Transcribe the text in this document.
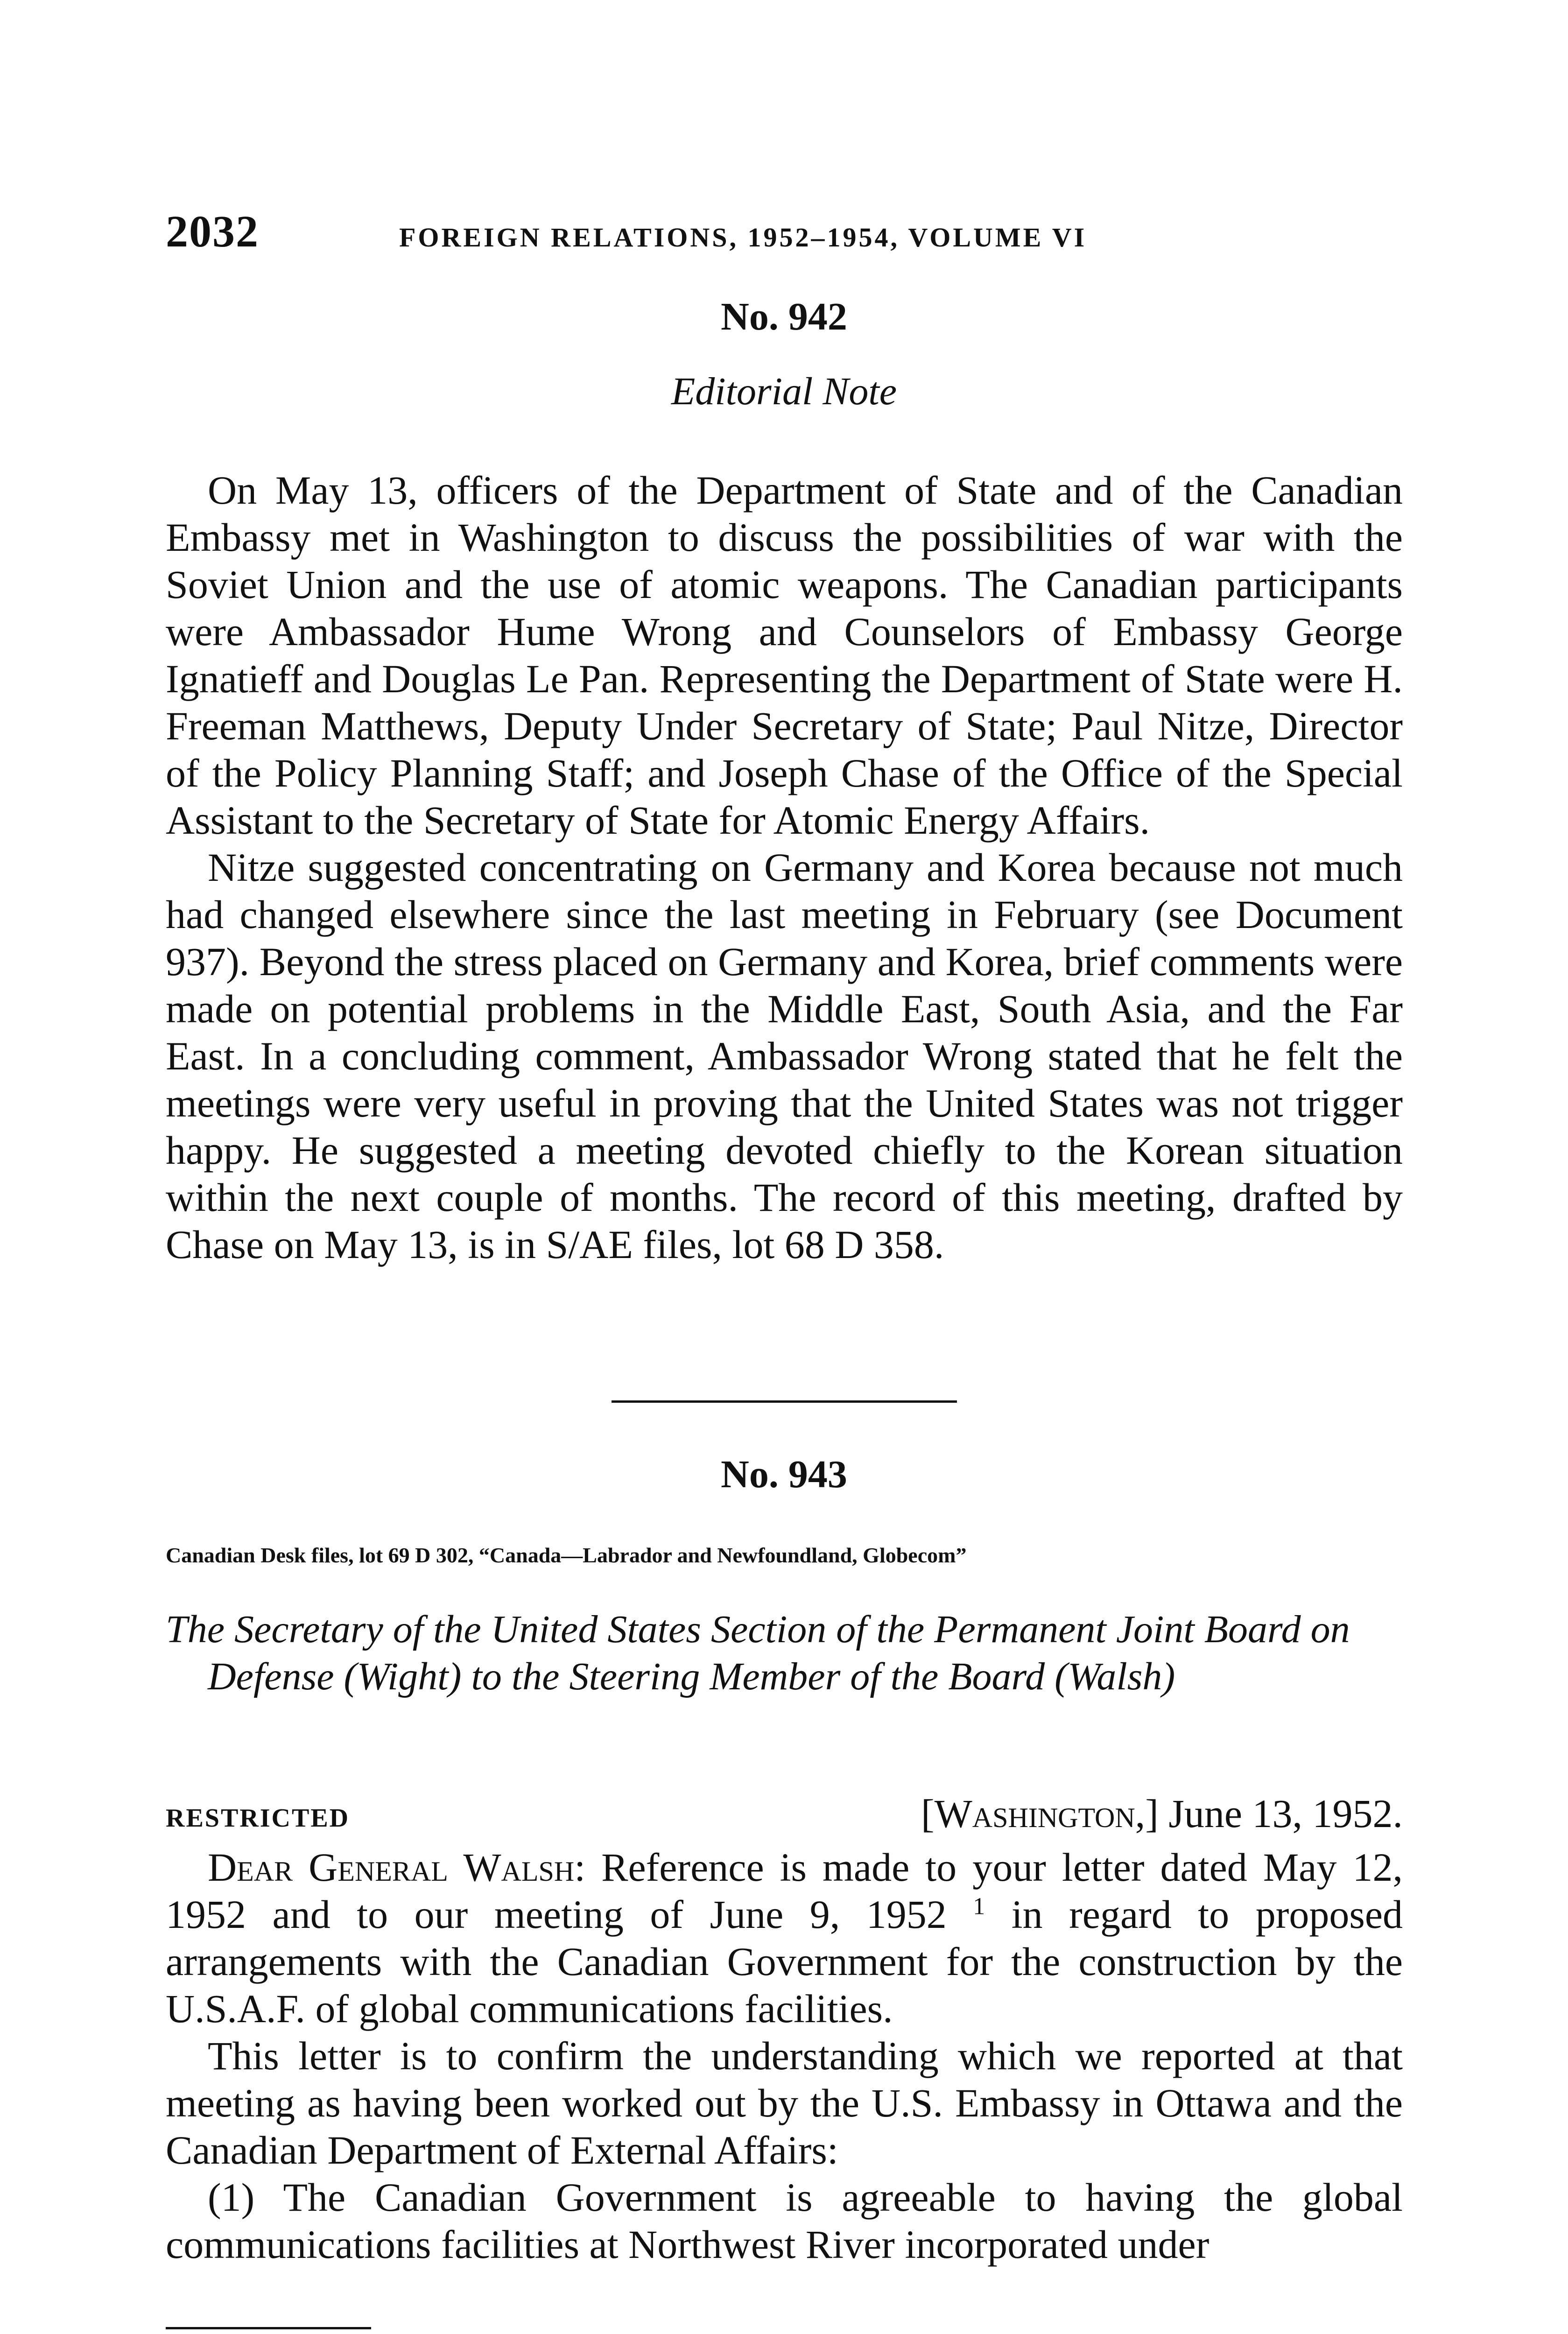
2032	FOREIGN RELATIONS, 1952–1954, VOLUME VI
No. 942
Editorial Note

On May 13, officers of the Department of State and of the Canadian Embassy met in Washington to discuss the possibilities of war with the Soviet Union and the use of atomic weapons. The Canadian participants were Ambassador Hume Wrong and Counselors of Embassy George Ignatieff and Douglas Le Pan. Representing the Department of State were H. Freeman Matthews, Deputy Under Secretary of State; Paul Nitze, Director of the Policy Planning Staff; and Joseph Chase of the Office of the Special Assistant to the Secretary of State for Atomic Energy Affairs.

Nitze suggested concentrating on Germany and Korea because not much had changed elsewhere since the last meeting in February (see Document 937). Beyond the stress placed on Germany and Korea, brief comments were made on potential problems in the Middle East, South Asia, and the Far East. In a concluding comment, Ambassador Wrong stated that he felt the meetings were very useful in proving that the United States was not trigger happy. He suggested a meeting devoted chiefly to the Korean situation within the next couple of months. The record of this meeting, drafted by Chase on May 13, is in S/AE files, lot 68 D 358.

No. 943
Canadian Desk files, lot 69 D 302, “Canada—Labrador and Newfoundland, Globecom”
The Secretary of the United States Section of the Permanent Joint Board on Defense (Wight) to the Steering Member of the Board (Walsh)
RESTRICTED	[Washington,] June 13, 1952.

Dear General Walsh: Reference is made to your letter dated May 12, 1952 and to our meeting of June 9, 1952 $^1$ in regard to proposed arrangements with the Canadian Government for the construction by the U.S.A.F. of global communications facilities.

This letter is to confirm the understanding which we reported at that meeting as having been worked out by the U.S. Embassy in Ottawa and the Canadian Department of External Affairs:

(1) The Canadian Government is agreeable to having the global communications facilities at Northwest River incorporated under
